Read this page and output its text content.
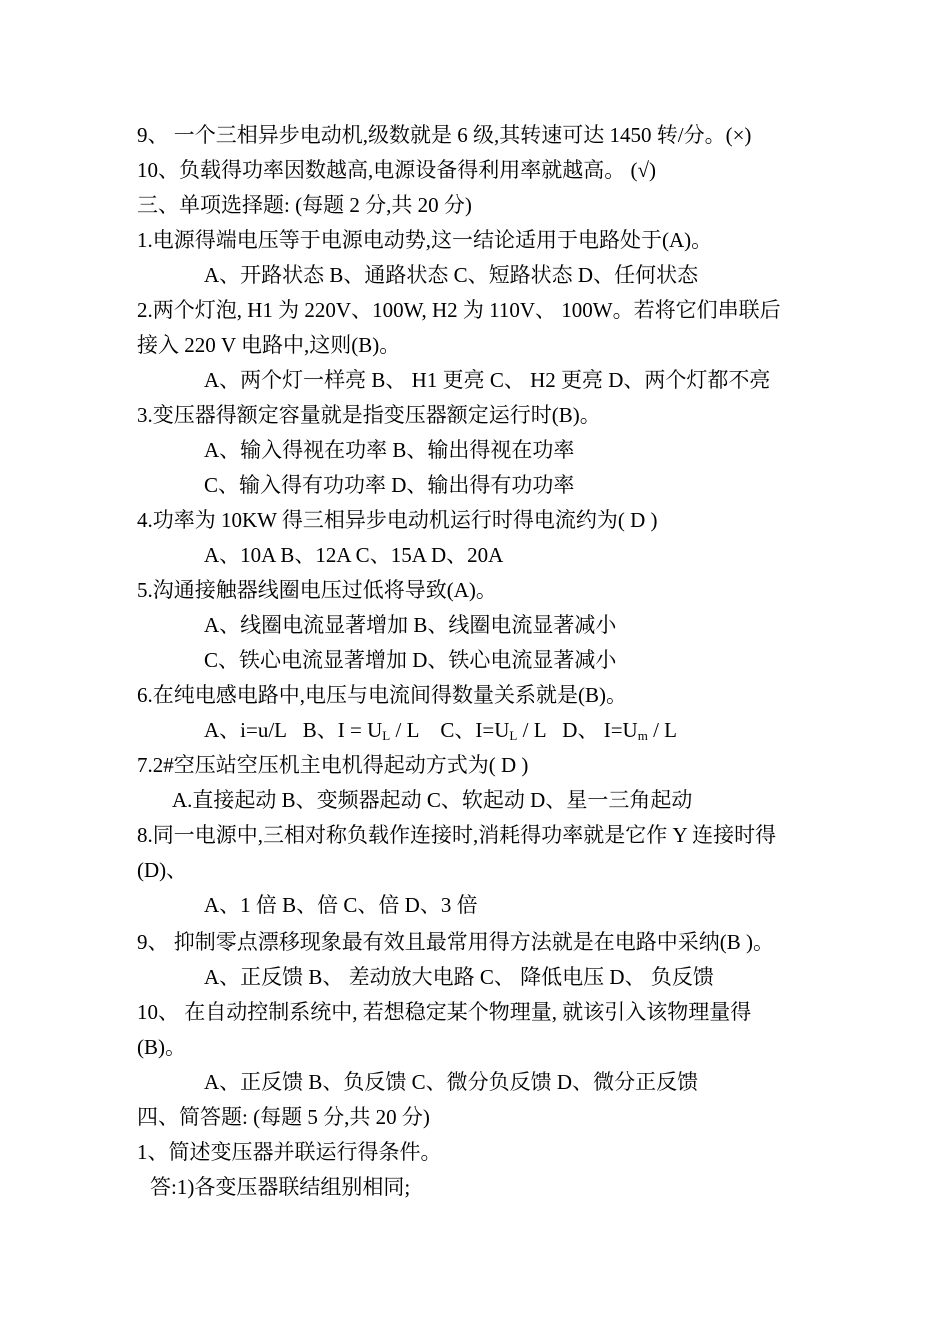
9、 一个三相异步电动机,级数就是 6 级,其转速可达 1450 转/分。(×)
10、负载得功率因数越高,电源设备得利用率就越高。 (√)
三、单项选择题: (每题 2 分,共 20 分)
1.电源得端电压等于电源电动势,这一结论适用于电路处于(A)。
A、开路状态 B、通路状态 C、短路状态 D、任何状态
2.两个灯泡, H1 为 220V、100W, H2 为 110V、 100W。若将它们串联后
接入 220 V 电路中,这则(B)。
A、两个灯一样亮 B、 H1 更亮 C、 H2 更亮 D、两个灯都不亮
3.变压器得额定容量就是指变压器额定运行时(B)。
A、输入得视在功率 B、输出得视在功率
C、输入得有功功率 D、输出得有功功率
4.功率为 10KW 得三相异步电动机运行时得电流约为( D )
A、10A B、12A C、15A D、20A
5.沟通接触器线圈电压过低将导致(A)。
A、线圈电流显著增加 B、线圈电流显著减小
C、铁心电流显著增加 D、铁心电流显著减小
6.在纯电感电路中,电压与电流间得数量关系就是(B)。
A、i=u/L B、$I = U_L / L$ C、$I=U_L / L$ D、 $I=U_m / L$
7.2#空压站空压机主电机得起动方式为( D )
A.直接起动 B、变频器起动 C、软起动 D、星一三角起动
8.同一电源中,三相对称负载作连接时,消耗得功率就是它作 Y 连接时得
(D)、
A、1 倍 B、倍 C、倍 D、3 倍
9、 抑制零点漂移现象最有效且最常用得方法就是在电路中采纳(B )。
A、正反馈 B、 差动放大电路 C、 降低电压 D、 负反馈
10、 在自动控制系统中, 若想稳定某个物理量, 就该引入该物理量得
(B)。
A、正反馈 B、负反馈 C、微分负反馈 D、微分正反馈
四、简答题: (每题 5 分,共 20 分)
1、简述变压器并联运行得条件。
答:1)各变压器联结组别相同;
